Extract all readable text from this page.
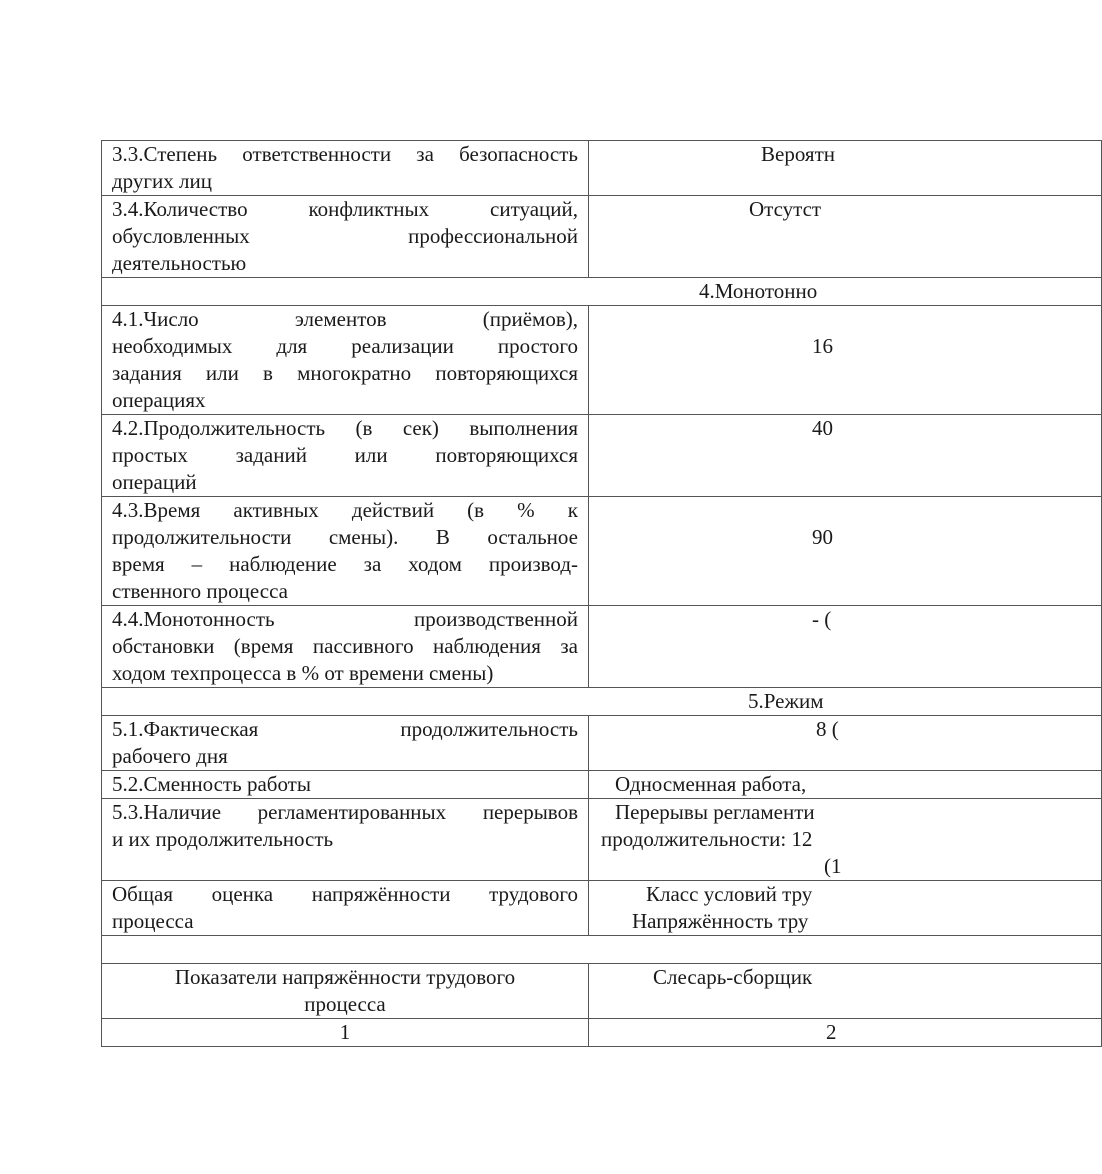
3.3.Степень ответственности за безопасность
других лиц	Вероятн

3.4.Количество конфликтных ситуаций,
обусловленных профессиональной
деятельностью	Отсутст
4.Монотонно	

4.1.Число элементов (приёмов),
необходимых для реализации простого
задания или в многократно повторяющихся
операциях	16

4.2.Продолжительность (в сек) выполнения
простых заданий или повторяющихся
операций	40

4.3.Время активных действий (в % к
продолжительности смены). В остальное
время – наблюдение за ходом производ-
ственного процесса	90

4.4.Монотонность производственной
обстановки (время пассивного наблюдения за
ходом техпроцесса в % от времени смены)	- (
5.Режим	

5.1.Фактическая продолжительность
рабочего дня	8 (

5.2.Сменность работы	Односменная работа,

5.3.Наличие регламентированных перерывов
и их продолжительность	Перерывы регламенти
продолжительности: 12
(1

Общая оценка напряжённости трудового
процесса	Класс условий тру
Напряжённость тру

Показатели напряжённости трудового
процесса	Слесарь-сборщик
1	2
